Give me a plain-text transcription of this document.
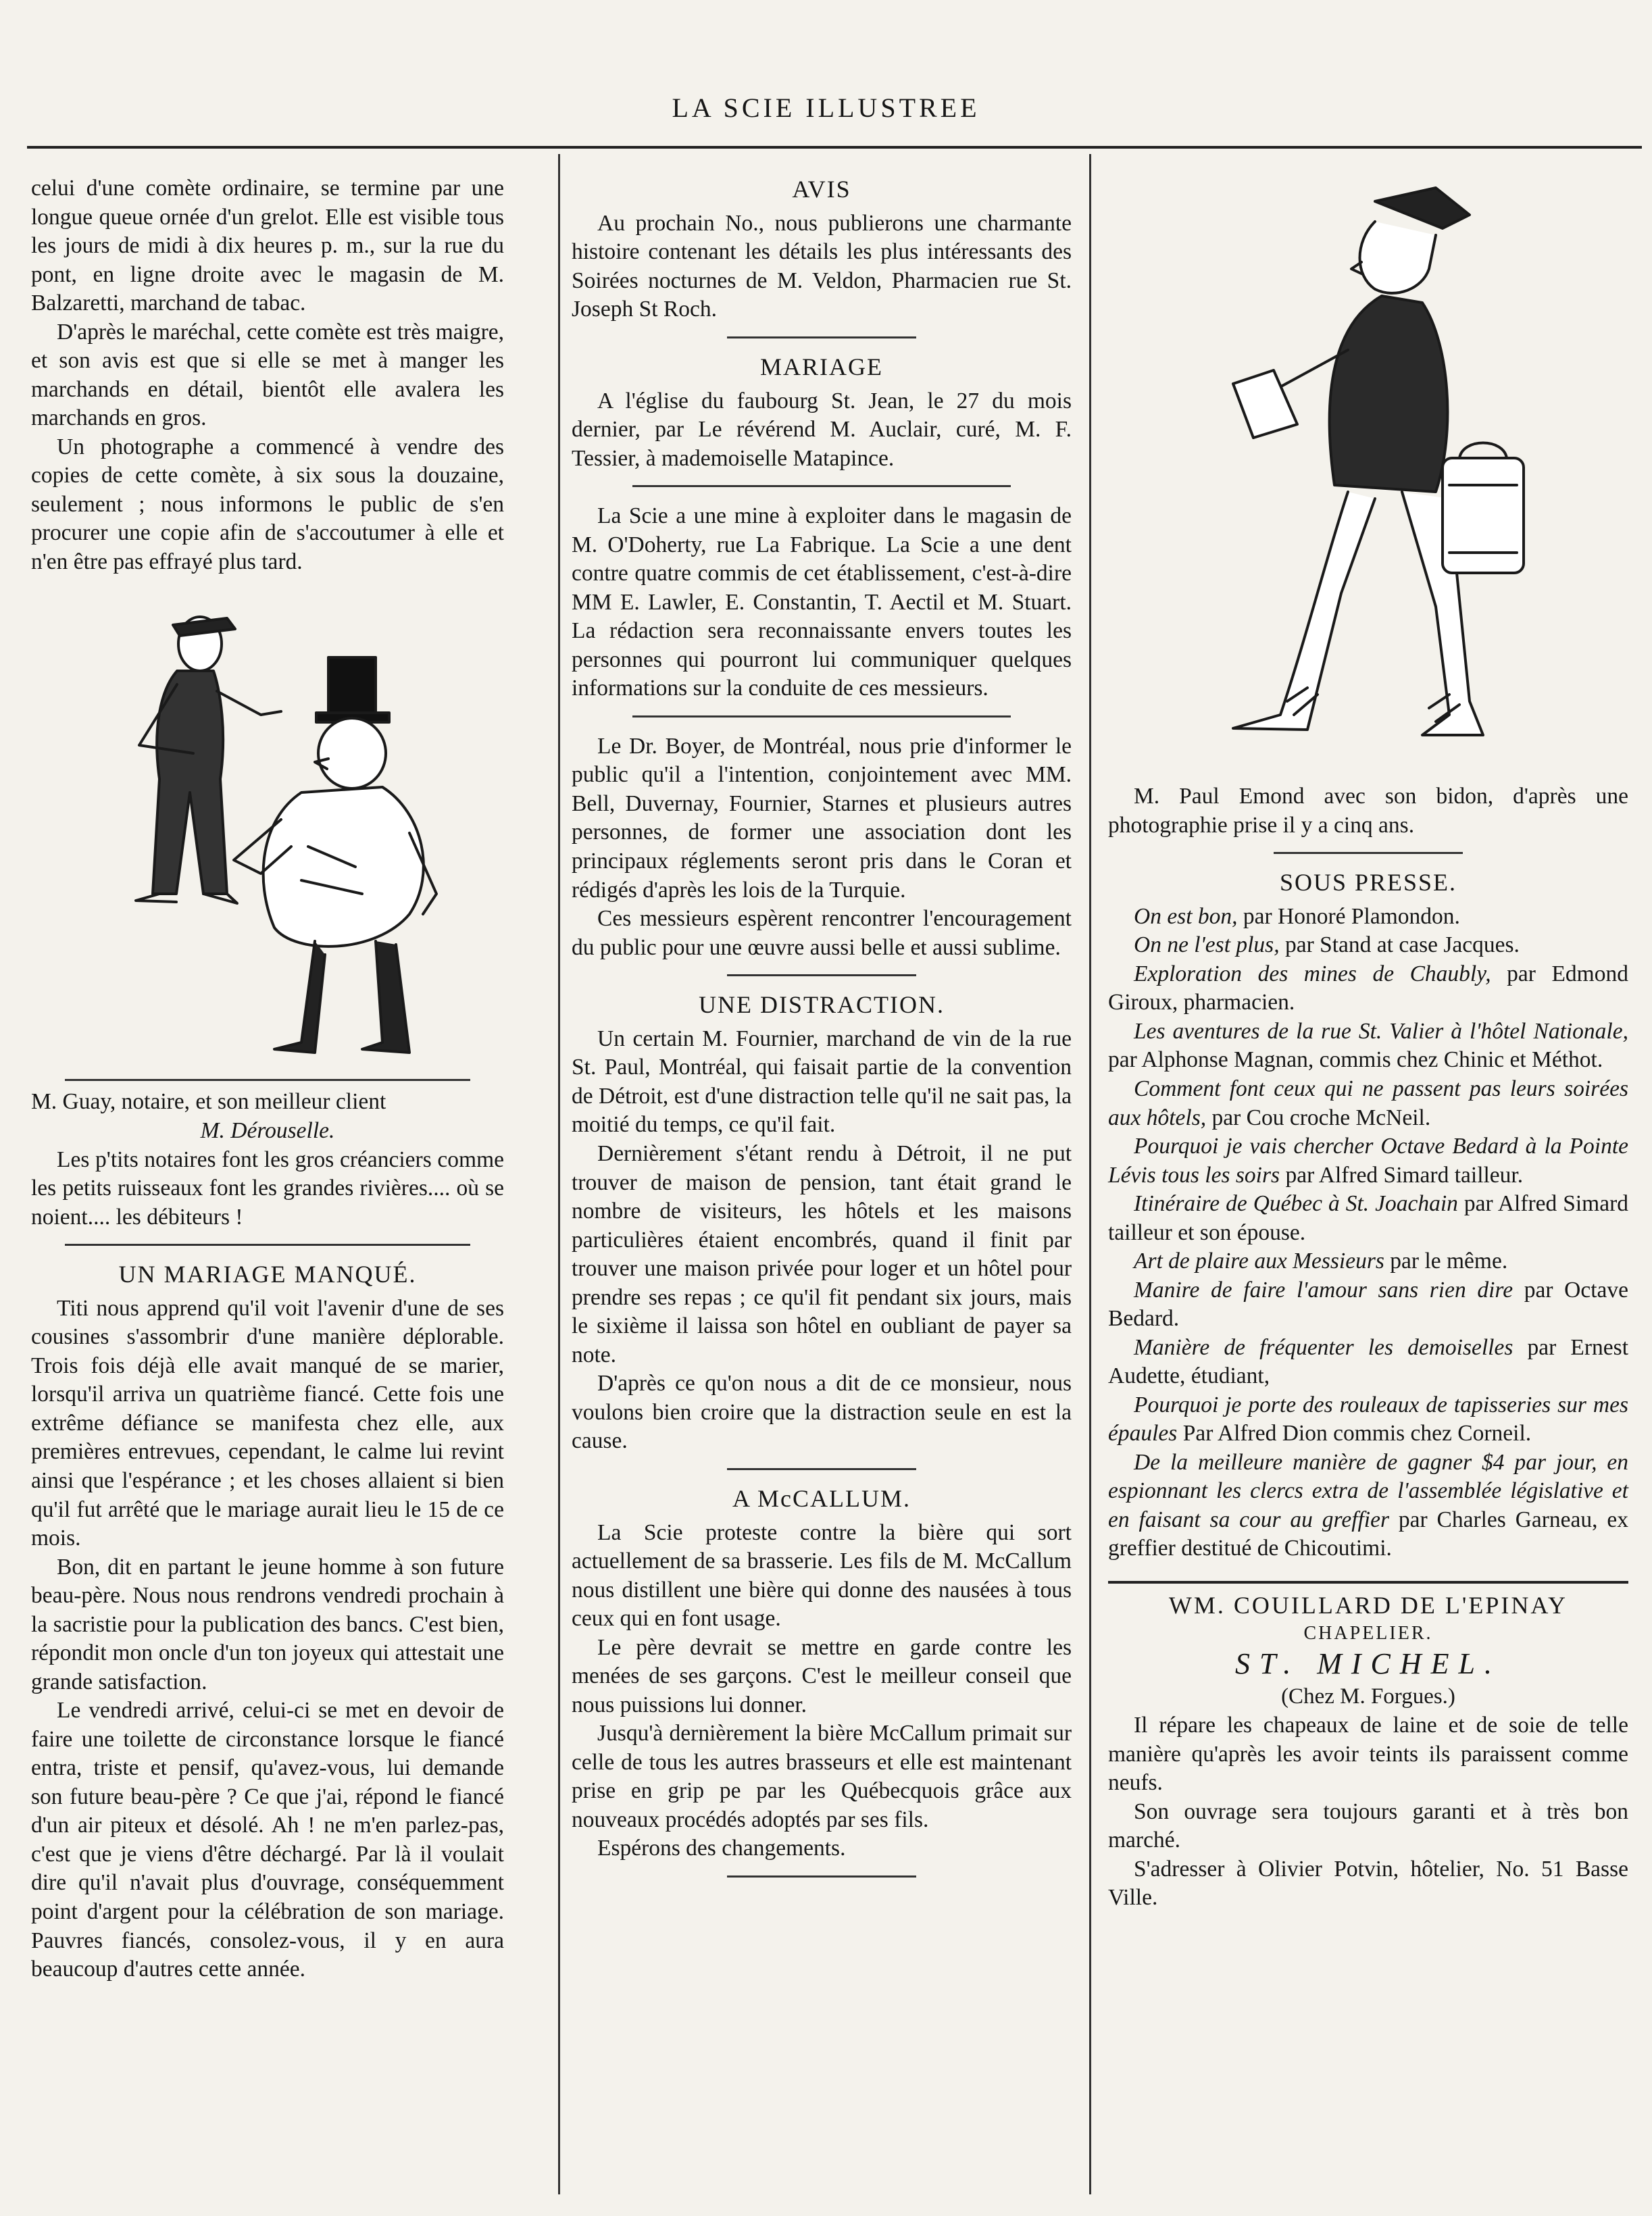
LA SCIE ILLUSTREE

celui d'une comète ordinaire, se termine par une longue queue ornée d'un grelot. Elle est visible tous les jours de midi à dix heures p. m., sur la rue du pont, en ligne droite avec le magasin de M. Balzaretti, marchand de tabac.

D'après le maréchal, cette comète est très maigre, et son avis est que si elle se met à manger les marchands en détail, bientôt elle avalera les marchands en gros.

Un photographe a commencé à vendre des copies de cette comète, à six sous la douzaine, seulement ; nous informons le public de s'en procurer une copie afin de s'accoutumer à elle et n'en être pas effrayé plus tard.

M. Guay, notaire, et son meilleur client

M. Dérouselle.

Les p'tits notaires font les gros créanciers comme les petits ruisseaux font les grandes rivières.... où se noient.... les débiteurs !

UN MARIAGE MANQUÉ.

Titi nous apprend qu'il voit l'avenir d'une de ses cousines s'assombrir d'une manière déplorable. Trois fois déjà elle avait manqué de se marier, lorsqu'il arriva un quatrième fiancé. Cette fois une extrême défiance se manifesta chez elle, aux premières entrevues, cependant, le calme lui revint ainsi que l'espérance ; et les choses allaient si bien qu'il fut arrêté que le mariage aurait lieu le 15 de ce mois.

Bon, dit en partant le jeune homme à son future beau-père. Nous nous rendrons vendredi prochain à la sacristie pour la publication des bancs. C'est bien, répondit mon oncle d'un ton joyeux qui attestait une grande satisfaction.

Le vendredi arrivé, celui-ci se met en devoir de faire une toilette de circonstance lorsque le fiancé entra, triste et pensif, qu'avez-vous, lui demande son future beau-père ? Ce que j'ai, répond le fiancé d'un air piteux et désolé. Ah ! ne m'en parlez-pas, c'est que je viens d'être déchargé. Par là il voulait dire qu'il n'avait plus d'ouvrage, conséquemment point d'argent pour la célébration de son mariage. Pauvres fiancés, consolez-vous, il y en aura beaucoup d'autres cette année.

AVIS

Au prochain No., nous publierons une charmante histoire contenant les détails les plus intéressants des Soirées nocturnes de M. Veldon, Pharmacien rue St. Joseph St Roch.

MARIAGE

A l'église du faubourg St. Jean, le 27 du mois dernier, par Le révérend M. Auclair, curé, M. F. Tessier, à mademoiselle Matapince.

La Scie a une mine à exploiter dans le magasin de M. O'Doherty, rue La Fabrique. La Scie a une dent contre quatre commis de cet établissement, c'est-à-dire MM E. Lawler, E. Constantin, T. Aectil et M. Stuart. La rédaction sera reconnaissante envers toutes les personnes qui pourront lui communiquer quelques informations sur la conduite de ces messieurs.

Le Dr. Boyer, de Montréal, nous prie d'informer le public qu'il a l'intention, conjointement avec MM. Bell, Duvernay, Fournier, Starnes et plusieurs autres personnes, de former une association dont les principaux réglements seront pris dans le Coran et rédigés d'après les lois de la Turquie.

Ces messieurs espèrent rencontrer l'encouragement du public pour une œuvre aussi belle et aussi sublime.

UNE DISTRACTION.

Un certain M. Fournier, marchand de vin de la rue St. Paul, Montréal, qui faisait partie de la convention de Détroit, est d'une distraction telle qu'il ne sait pas, la moitié du temps, ce qu'il fait.

Dernièrement s'étant rendu à Détroit, il ne put trouver de maison de pension, tant était grand le nombre de visiteurs, les hôtels et les maisons particulières étaient encombrés, quand il finit par trouver une maison privée pour loger et un hôtel pour prendre ses repas ; ce qu'il fit pendant six jours, mais le sixième il laissa son hôtel en oubliant de payer sa note.

D'après ce qu'on nous a dit de ce monsieur, nous voulons bien croire que la distraction seule en est la cause.

A McCALLUM.

La Scie proteste contre la bière qui sort actuellement de sa brasserie. Les fils de M. McCallum nous distillent une bière qui donne des nausées à tous ceux qui en font usage.

Le père devrait se mettre en garde contre les menées de ses garçons. C'est le meilleur conseil que nous puissions lui donner.

Jusqu'à dernièrement la bière McCallum primait sur celle de tous les autres brasseurs et elle est maintenant prise en grip pe par les Québecquois grâce aux nouveaux procédés adoptés par ses fils.

Espérons des changements.

M. Paul Emond avec son bidon, d'après une photographie prise il y a cinq ans.

SOUS PRESSE.

On est bon, par Honoré Plamondon.

On ne l'est plus, par Stand at case Jacques.

Exploration des mines de Chaubly, par Edmond Giroux, pharmacien.

Les aventures de la rue St. Valier à l'hôtel Nationale, par Alphonse Magnan, commis chez Chinic et Méthot.

Comment font ceux qui ne passent pas leurs soirées aux hôtels, par Cou croche McNeil.

Pourquoi je vais chercher Octave Bedard à la Pointe Lévis tous les soirs par Alfred Simard tailleur.

Itinéraire de Québec à St. Joachain par Alfred Simard tailleur et son épouse.

Art de plaire aux Messieurs par le même.

Manire de faire l'amour sans rien dire par Octave Bedard.

Manière de fréquenter les demoiselles par Ernest Audette, étudiant,

Pourquoi je porte des rouleaux de tapisseries sur mes épaules Par Alfred Dion commis chez Corneil.

De la meilleure manière de gagner $4 par jour, en espionnant les clercs extra de l'assemblée législative et en faisant sa cour au greffier par Charles Garneau, ex greffier destitué de Chicoutimi.

WM. COUILLARD DE L'EPINAY
CHAPELIER.
ST. MICHEL.
(Chez M. Forgues.)

Il répare les chapeaux de laine et de soie de telle manière qu'après les avoir teints ils paraissent comme neufs.

Son ouvrage sera toujours garanti et à très bon marché.

S'adresser à Olivier Potvin, hôtelier, No. 51 Basse Ville.
